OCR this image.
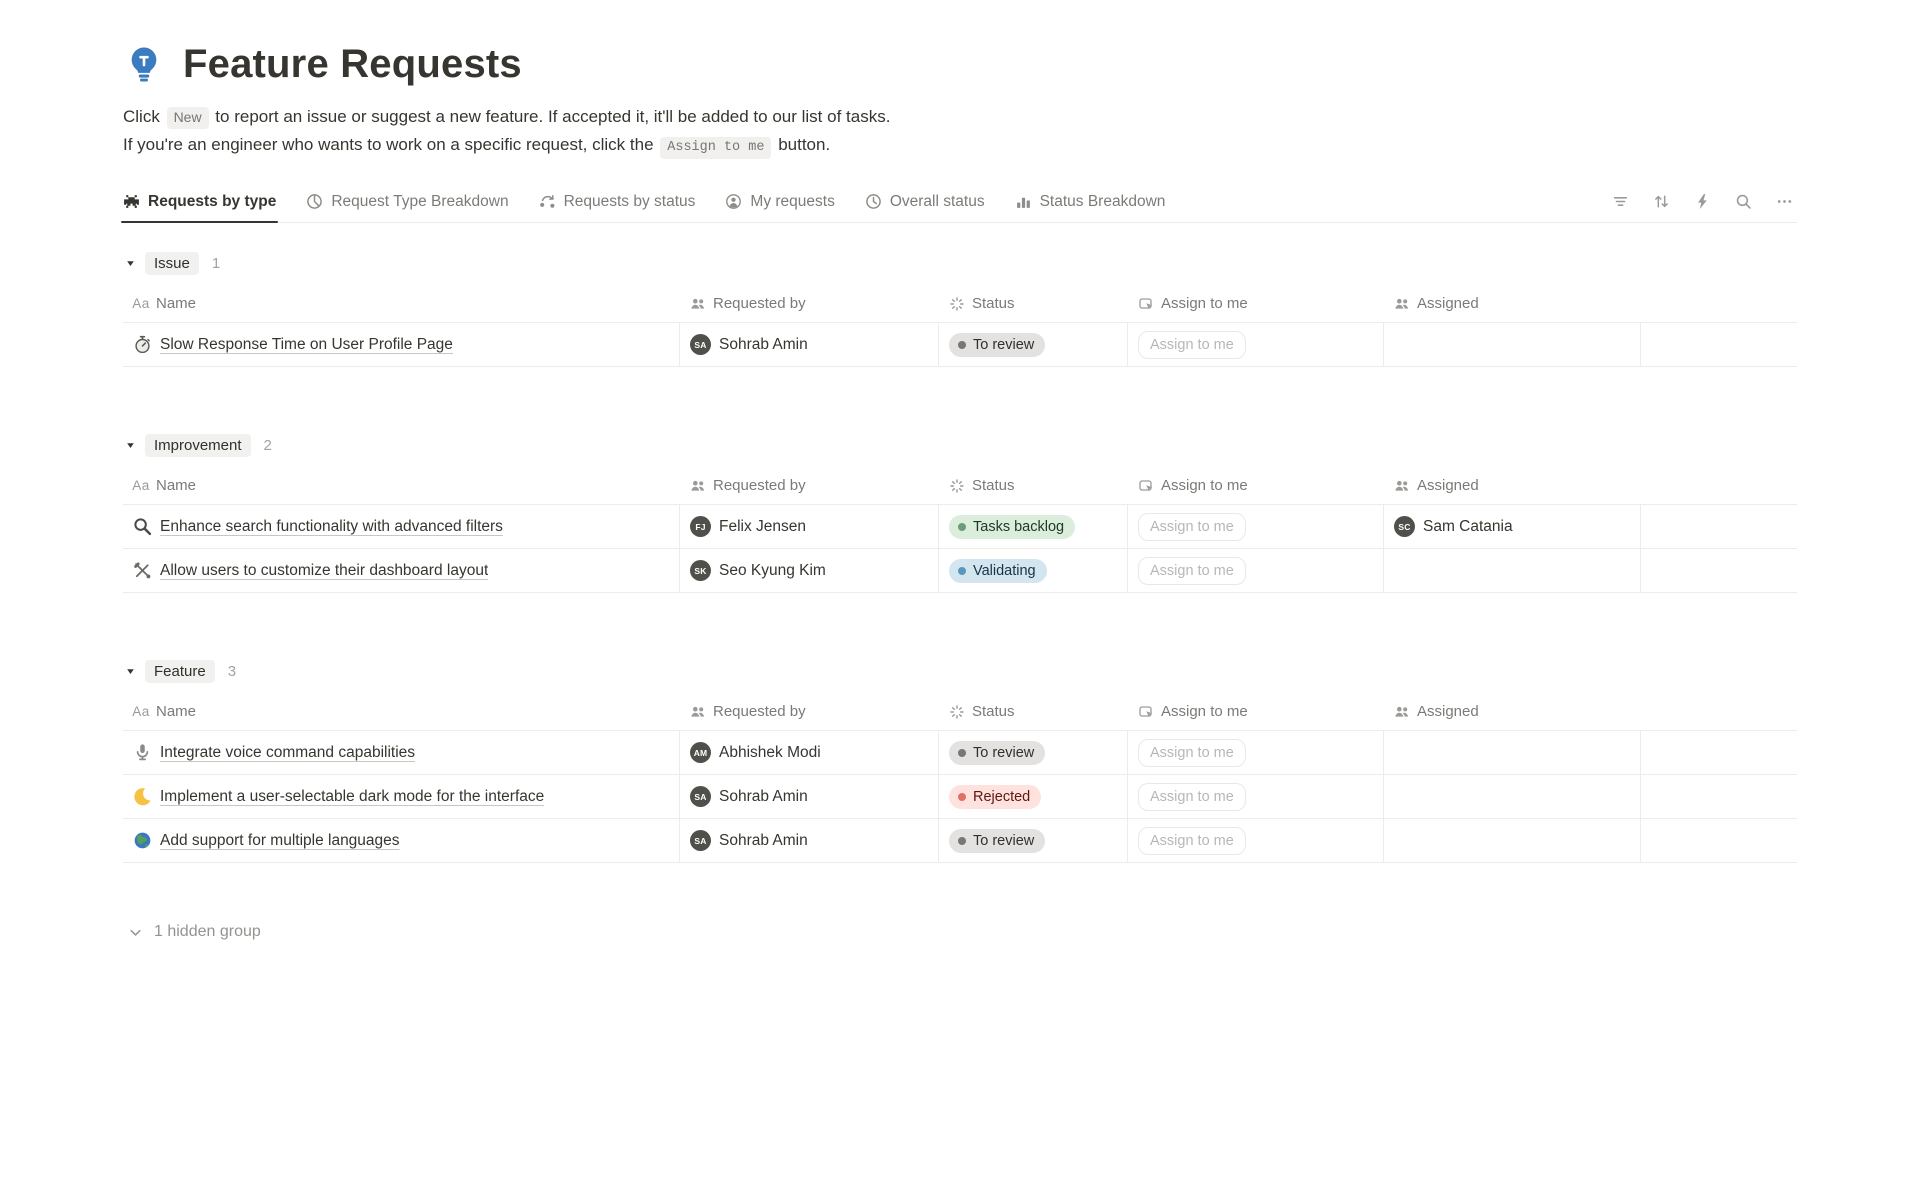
Feature Requests
Click New to report an issue or suggest a new feature. If accepted it, it'll be added to our list of tasks.
If you're an engineer who wants to work on a specific request, click the Assign to me button.
Requests by type	Request Type Breakdown	Requests by status	My requests	Overall status	Status Breakdown
Issue	1
Aa Name	Requested by	Status	Assign to me	Assigned
Slow Response Time on User Profile Page	SA Sohrab Amin	To review	Assign to me
Improvement	2
Aa Name	Requested by	Status	Assign to me	Assigned
Enhance search functionality with advanced filters	FJ Felix Jensen	Tasks backlog	Assign to me	SC Sam Catania
Allow users to customize their dashboard layout	SK Seo Kyung Kim	Validating	Assign to me
Feature	3
Aa Name	Requested by	Status	Assign to me	Assigned
Integrate voice command capabilities	AM Abhishek Modi	To review	Assign to me
Implement a user-selectable dark mode for the interface	SA Sohrab Amin	Rejected	Assign to me
Add support for multiple languages	SA Sohrab Amin	To review	Assign to me
1 hidden group
